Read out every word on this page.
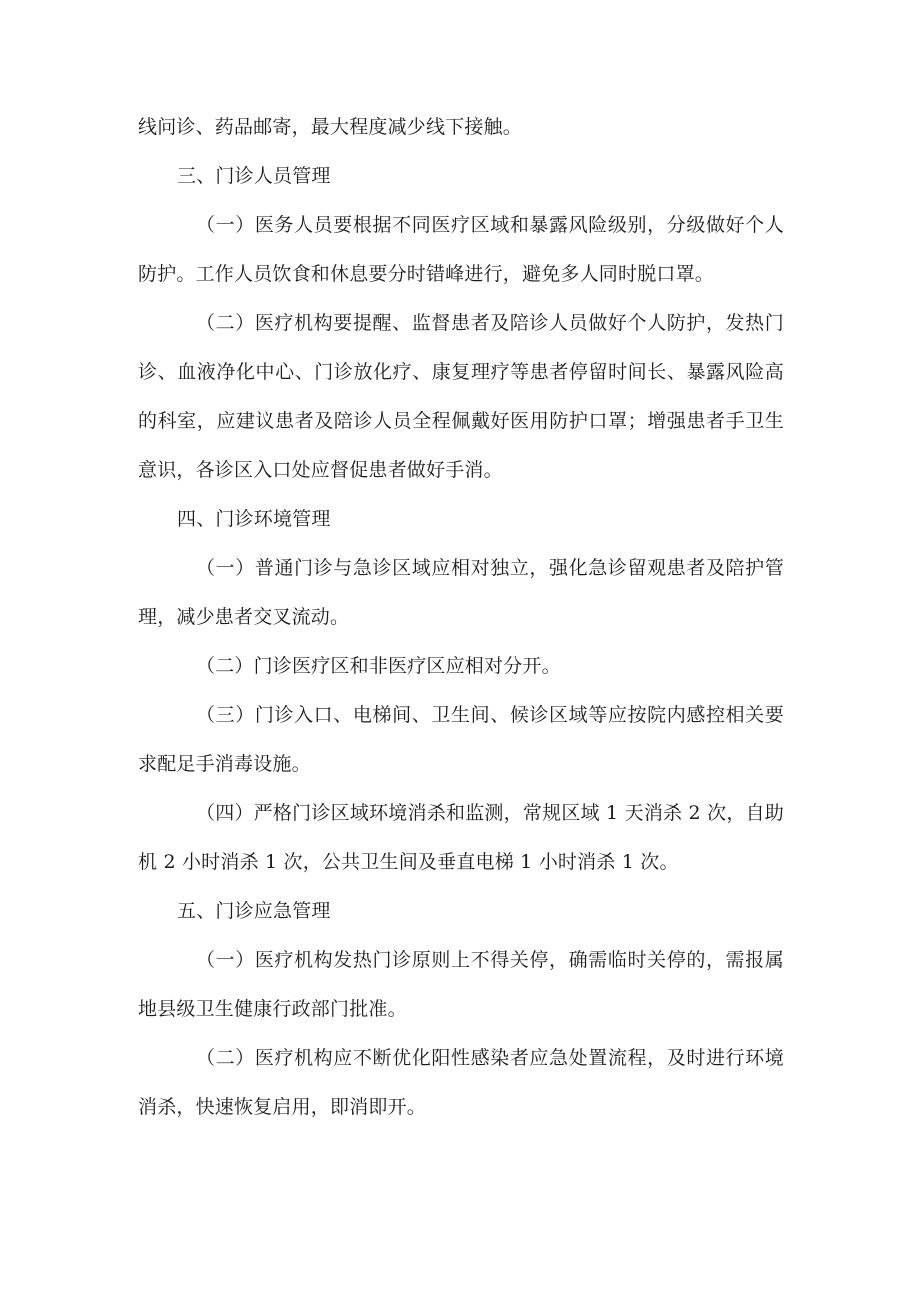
线问诊、药品邮寄，最大程度减少线下接触。

三、门诊人员管理

（一）医务人员要根据不同医疗区域和暴露风险级别，分级做好个人防护。工作人员饮食和休息要分时错峰进行，避免多人同时脱口罩。

（二）医疗机构要提醒、监督患者及陪诊人员做好个人防护，发热门诊、血液净化中心、门诊放化疗、康复理疗等患者停留时间长、暴露风险高的科室，应建议患者及陪诊人员全程佩戴好医用防护口罩；增强患者手卫生意识，各诊区入口处应督促患者做好手消。

四、门诊环境管理

（一）普通门诊与急诊区域应相对独立，强化急诊留观患者及陪护管理，减少患者交叉流动。

（二）门诊医疗区和非医疗区应相对分开。

（三）门诊入口、电梯间、卫生间、候诊区域等应按院内感控相关要求配足手消毒设施。

（四）严格门诊区域环境消杀和监测，常规区域 1 天消杀 2 次，自助机 2 小时消杀 1 次，公共卫生间及垂直电梯 1 小时消杀 1 次。

五、门诊应急管理

（一）医疗机构发热门诊原则上不得关停，确需临时关停的，需报属地县级卫生健康行政部门批准。

（二）医疗机构应不断优化阳性感染者应急处置流程，及时进行环境消杀，快速恢复启用，即消即开。
